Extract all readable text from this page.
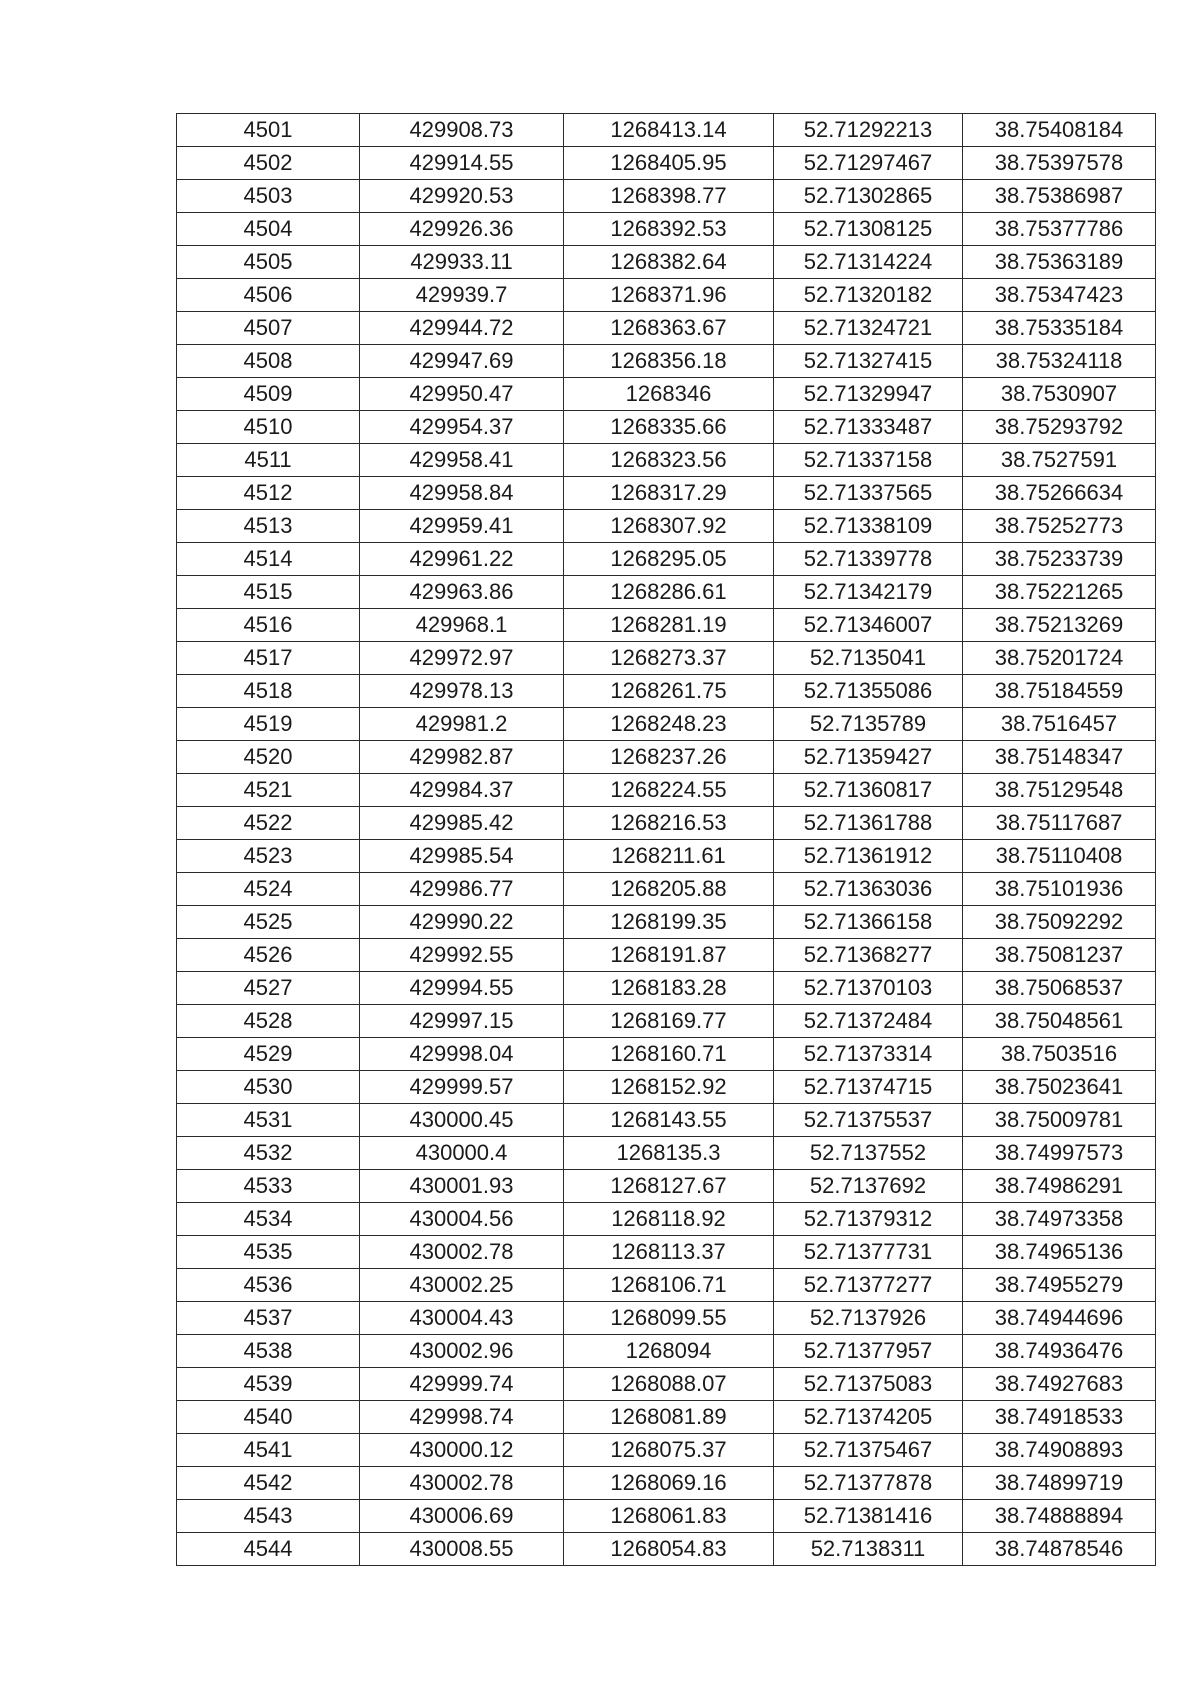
4501	429908.73	1268413.14	52.71292213	38.75408184
4502	429914.55	1268405.95	52.71297467	38.75397578
4503	429920.53	1268398.77	52.71302865	38.75386987
4504	429926.36	1268392.53	52.71308125	38.75377786
4505	429933.11	1268382.64	52.71314224	38.75363189
4506	429939.7	1268371.96	52.71320182	38.75347423
4507	429944.72	1268363.67	52.71324721	38.75335184
4508	429947.69	1268356.18	52.71327415	38.75324118
4509	429950.47	1268346	52.71329947	38.7530907
4510	429954.37	1268335.66	52.71333487	38.75293792
4511	429958.41	1268323.56	52.71337158	38.7527591
4512	429958.84	1268317.29	52.71337565	38.75266634
4513	429959.41	1268307.92	52.71338109	38.75252773
4514	429961.22	1268295.05	52.71339778	38.75233739
4515	429963.86	1268286.61	52.71342179	38.75221265
4516	429968.1	1268281.19	52.71346007	38.75213269
4517	429972.97	1268273.37	52.7135041	38.75201724
4518	429978.13	1268261.75	52.71355086	38.75184559
4519	429981.2	1268248.23	52.7135789	38.7516457
4520	429982.87	1268237.26	52.71359427	38.75148347
4521	429984.37	1268224.55	52.71360817	38.75129548
4522	429985.42	1268216.53	52.71361788	38.75117687
4523	429985.54	1268211.61	52.71361912	38.75110408
4524	429986.77	1268205.88	52.71363036	38.75101936
4525	429990.22	1268199.35	52.71366158	38.75092292
4526	429992.55	1268191.87	52.71368277	38.75081237
4527	429994.55	1268183.28	52.71370103	38.75068537
4528	429997.15	1268169.77	52.71372484	38.75048561
4529	429998.04	1268160.71	52.71373314	38.7503516
4530	429999.57	1268152.92	52.71374715	38.75023641
4531	430000.45	1268143.55	52.71375537	38.75009781
4532	430000.4	1268135.3	52.7137552	38.74997573
4533	430001.93	1268127.67	52.7137692	38.74986291
4534	430004.56	1268118.92	52.71379312	38.74973358
4535	430002.78	1268113.37	52.71377731	38.74965136
4536	430002.25	1268106.71	52.71377277	38.74955279
4537	430004.43	1268099.55	52.7137926	38.74944696
4538	430002.96	1268094	52.71377957	38.74936476
4539	429999.74	1268088.07	52.71375083	38.74927683
4540	429998.74	1268081.89	52.71374205	38.74918533
4541	430000.12	1268075.37	52.71375467	38.74908893
4542	430002.78	1268069.16	52.71377878	38.74899719
4543	430006.69	1268061.83	52.71381416	38.74888894
4544	430008.55	1268054.83	52.7138311	38.74878546
